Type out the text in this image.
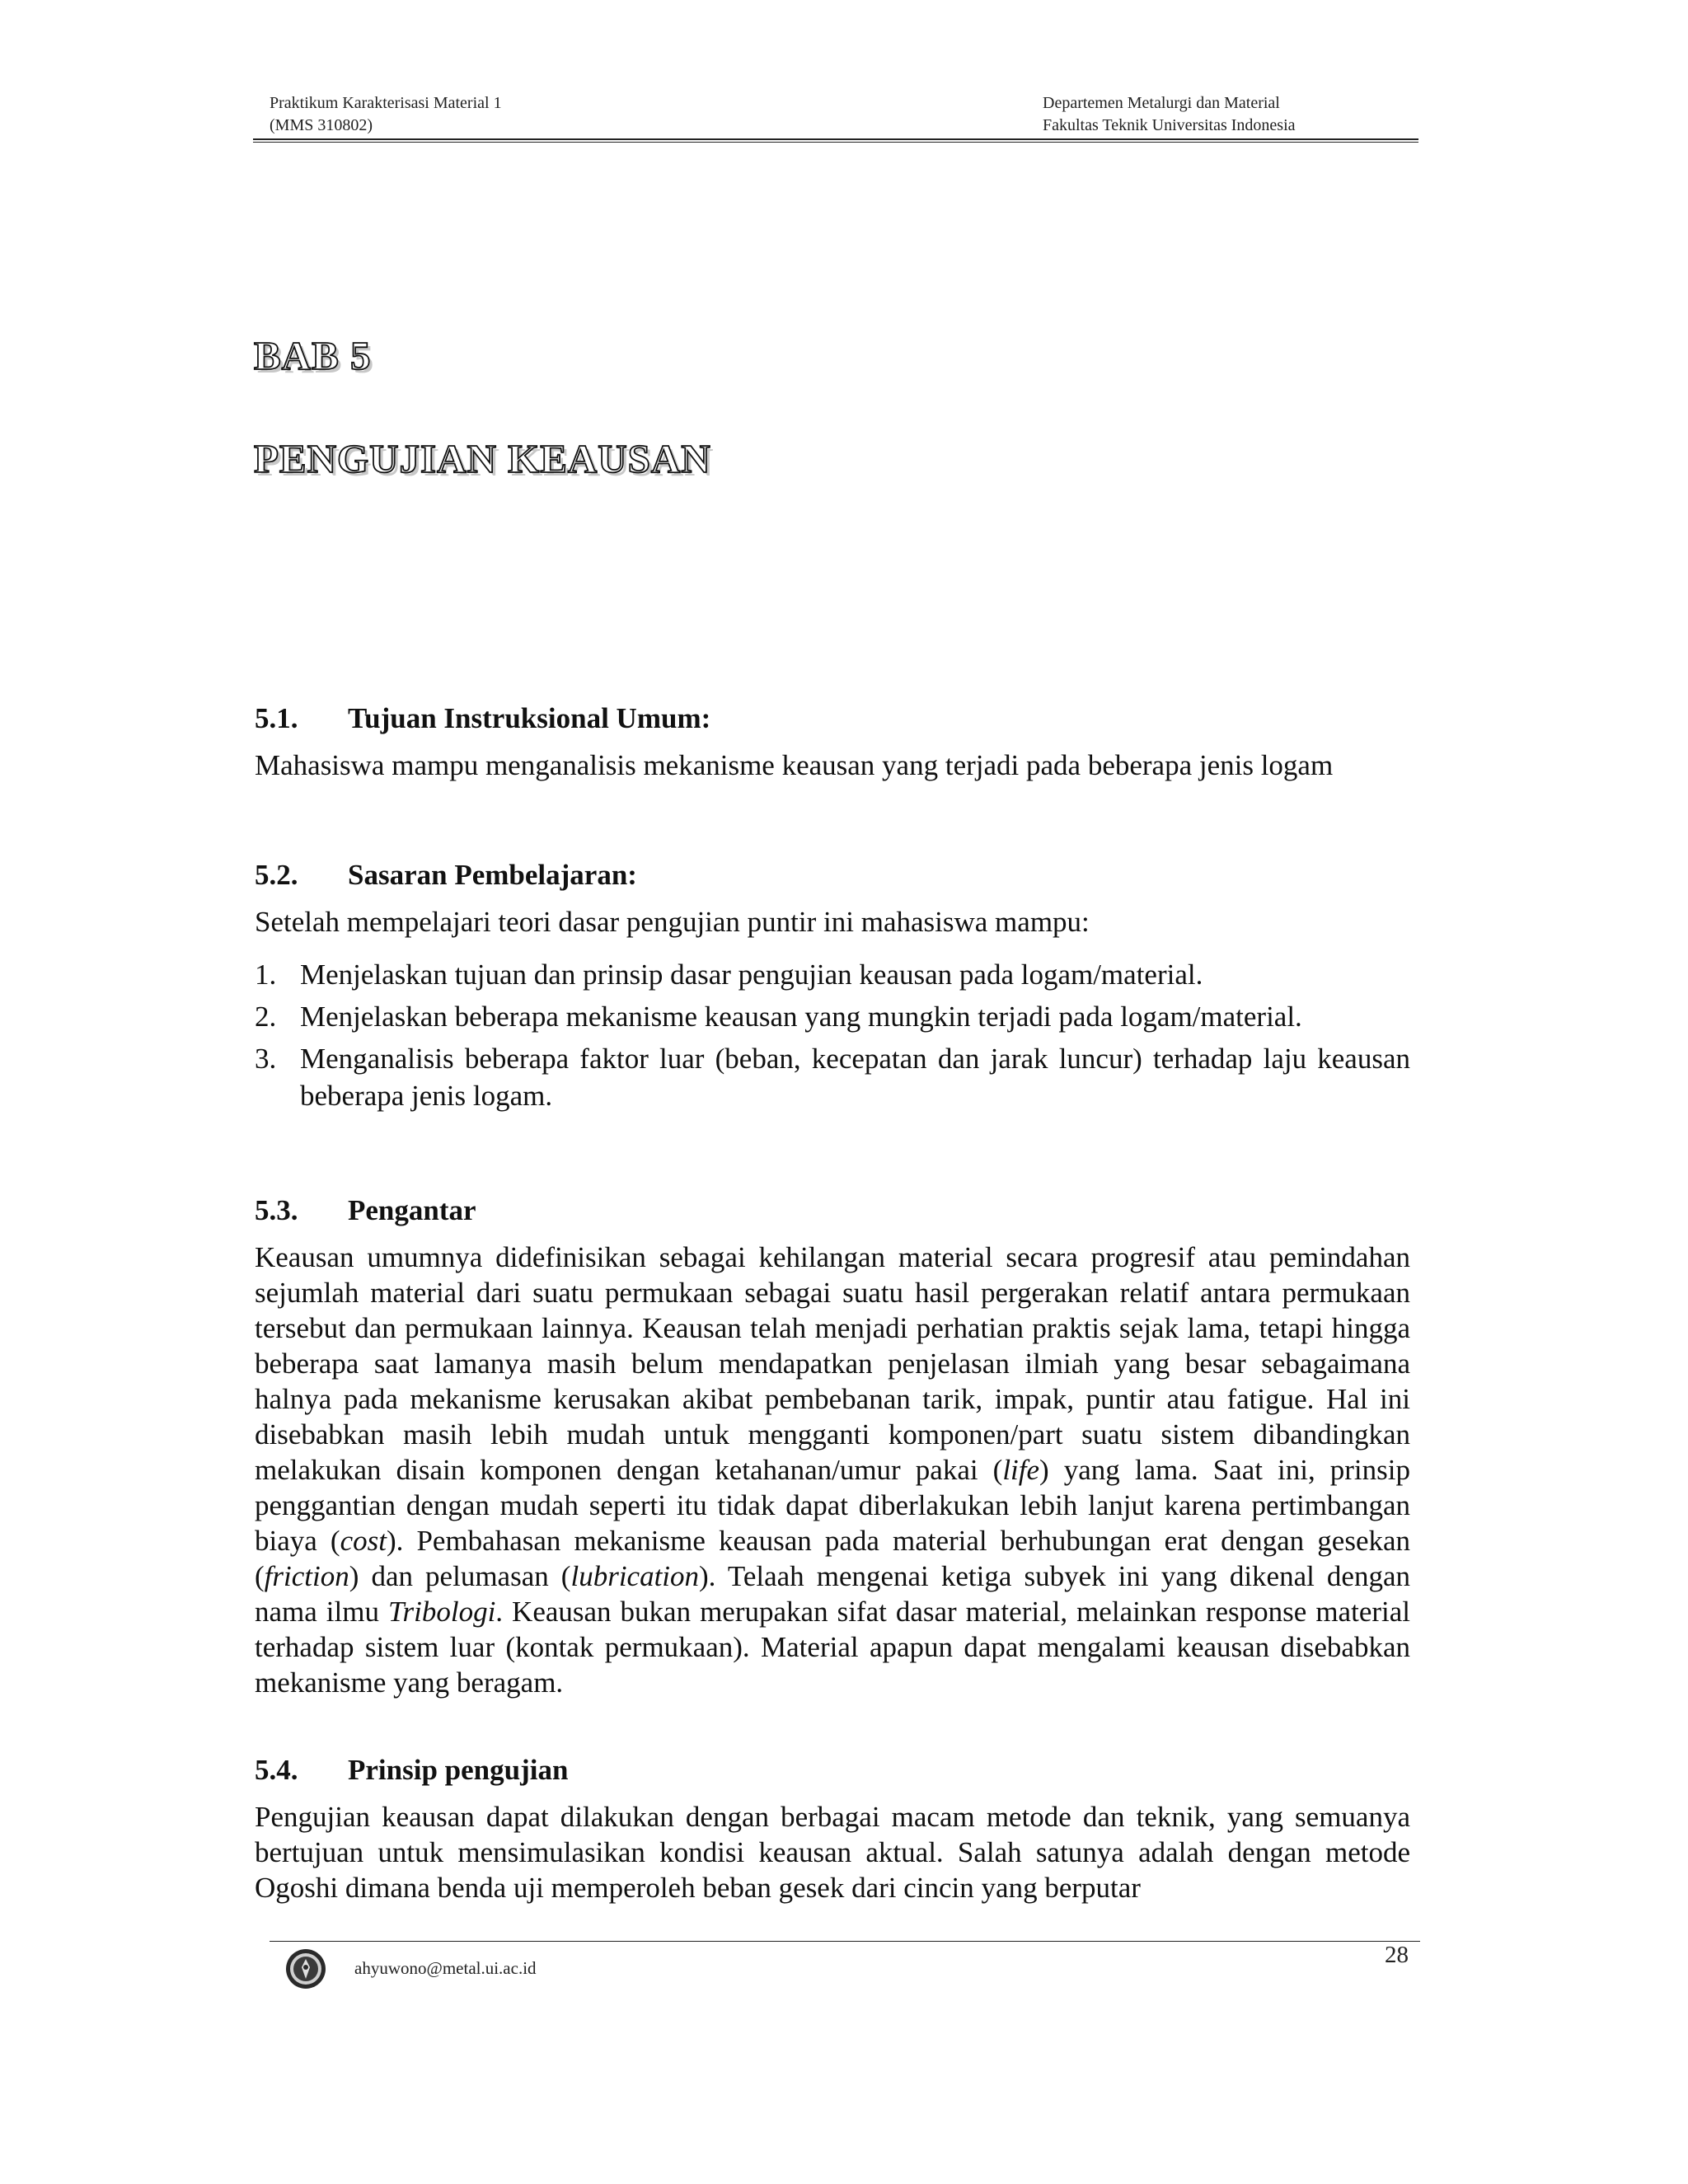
Praktikum Karakterisasi Material 1
(MMS 310802)
Departemen Metalurgi dan Material
Fakultas Teknik Universitas Indonesia
BAB 5
PENGUJIAN KEAUSAN
5.1. Tujuan Instruksional Umum:

Mahasiswa mampu menganalisis mekanisme keausan yang terjadi pada beberapa jenis logam

5.2. Sasaran Pembelajaran:

Setelah mempelajari teori dasar pengujian puntir ini mahasiswa mampu:

1. Menjelaskan tujuan dan prinsip dasar pengujian keausan pada logam/material.
2. Menjelaskan beberapa mekanisme keausan yang mungkin terjadi pada logam/material.
3. Menganalisis beberapa faktor luar (beban, kecepatan dan jarak luncur) terhadap laju keausan beberapa jenis logam.
5.3. Pengantar

Keausan umumnya didefinisikan sebagai kehilangan material secara progresif atau pemindahan sejumlah material dari suatu permukaan sebagai suatu hasil pergerakan relatif antara permukaan tersebut dan permukaan lainnya. Keausan telah menjadi perhatian praktis sejak lama, tetapi hingga beberapa saat lamanya masih belum mendapatkan penjelasan ilmiah yang besar sebagaimana halnya pada mekanisme kerusakan akibat pembebanan tarik, impak, puntir atau fatigue. Hal ini disebabkan masih lebih mudah untuk mengganti komponen/part suatu sistem dibandingkan melakukan disain komponen dengan ketahanan/umur pakai (life) yang lama. Saat ini, prinsip penggantian dengan mudah seperti itu tidak dapat diberlakukan lebih lanjut karena pertimbangan biaya (cost). Pembahasan mekanisme keausan pada material berhubungan erat dengan gesekan (friction) dan pelumasan (lubrication). Telaah mengenai ketiga subyek ini yang dikenal dengan nama ilmu Tribologi. Keausan bukan merupakan sifat dasar material, melainkan response material terhadap sistem luar (kontak permukaan). Material apapun dapat mengalami keausan disebabkan mekanisme yang beragam.

5.4. Prinsip pengujian

Pengujian keausan dapat dilakukan dengan berbagai macam metode dan teknik, yang semuanya bertujuan untuk mensimulasikan kondisi keausan aktual. Salah satunya adalah dengan metode Ogoshi dimana benda uji memperoleh beban gesek dari cincin yang berputar

ahyuwono@metal.ui.ac.id	28
